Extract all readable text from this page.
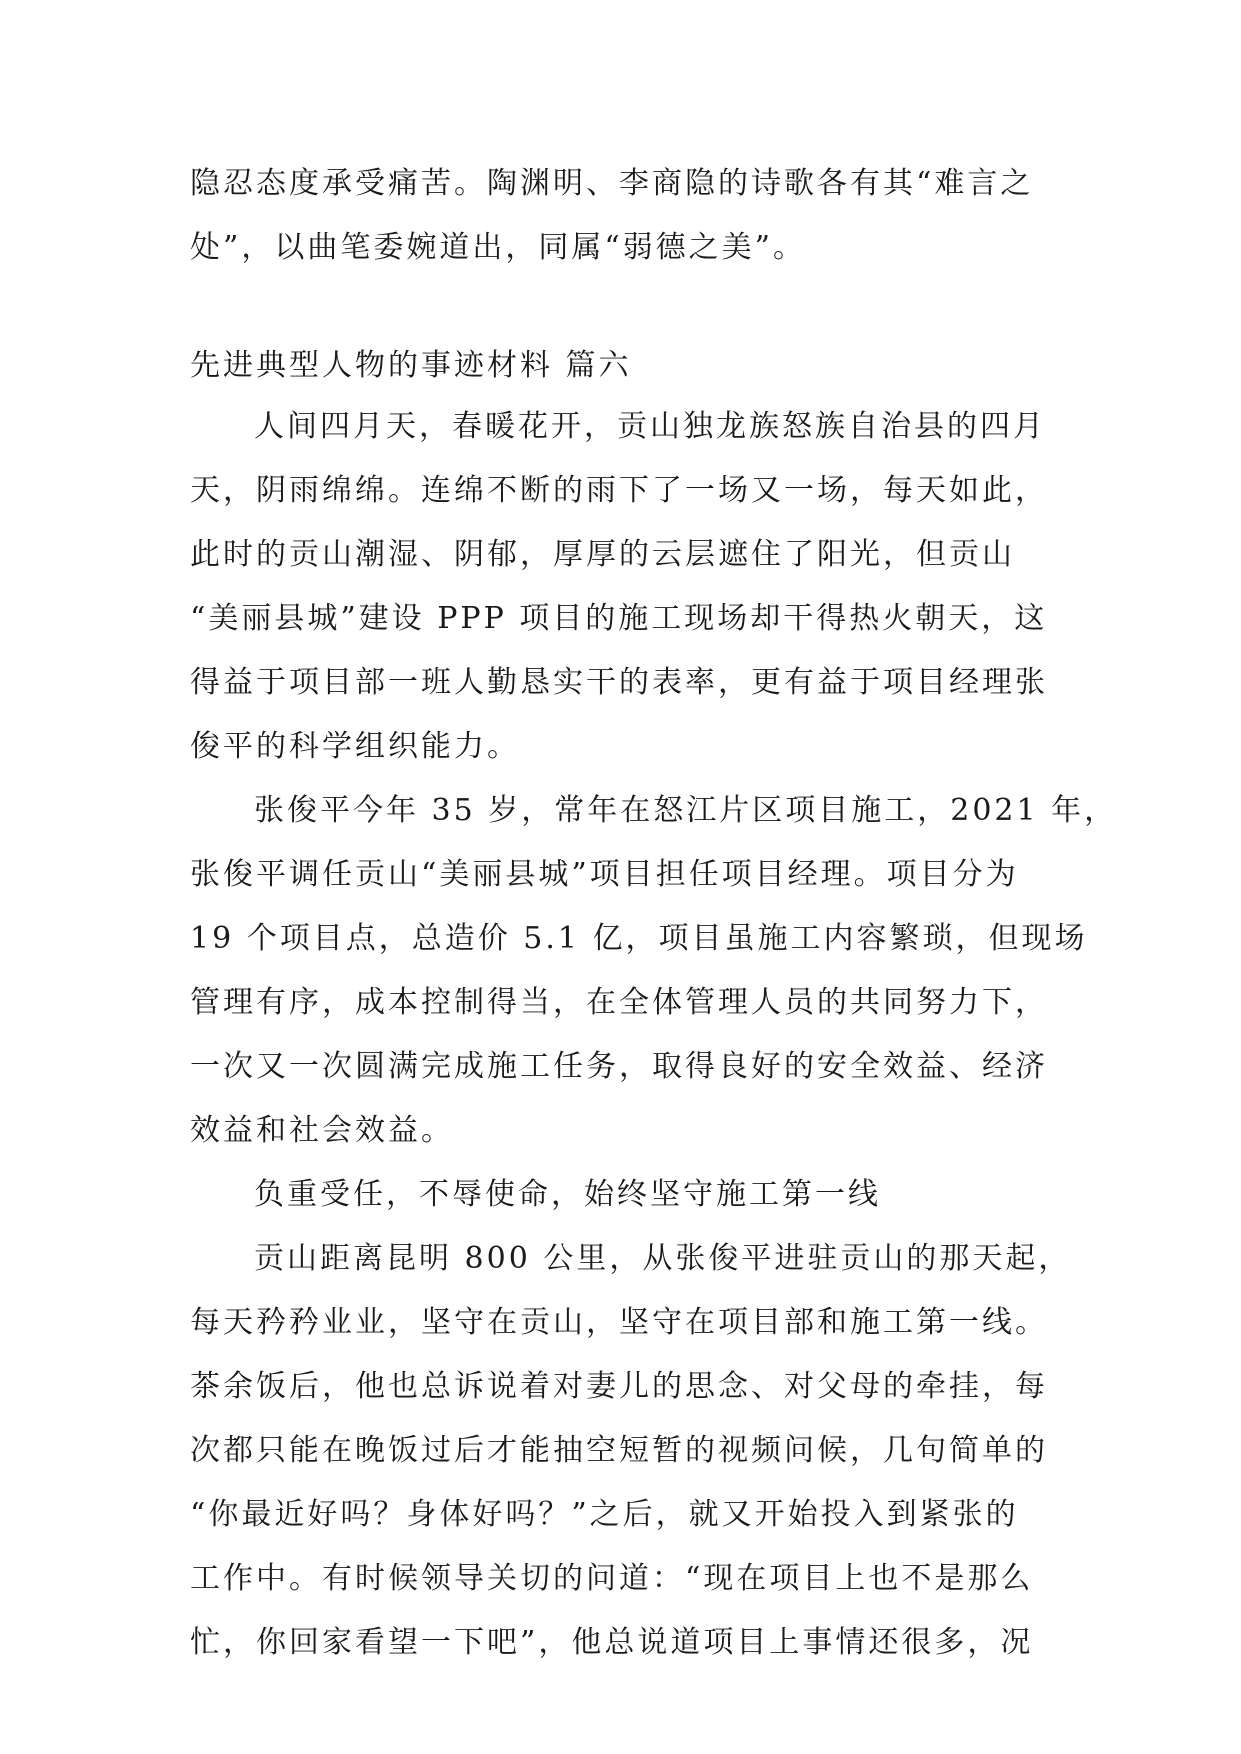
隐忍态度承受痛苦。陶渊明、李商隐的诗歌各有其“难言之
处”，以曲笔委婉道出，同属“弱德之美”。
先进典型人物的事迹材料 篇六
人间四月天，春暖花开，贡山独龙族怒族自治县的四月
天，阴雨绵绵。连绵不断的雨下了一场又一场，每天如此，
此时的贡山潮湿、阴郁，厚厚的云层遮住了阳光，但贡山
“美丽县城”建设 PPP 项目的施工现场却干得热火朝天，这
得益于项目部一班人勤恳实干的表率，更有益于项目经理张
俊平的科学组织能力。
张俊平今年 35 岁，常年在怒江片区项目施工，2021 年，
张俊平调任贡山“美丽县城”项目担任项目经理。项目分为
19 个项目点，总造价 5.1 亿，项目虽施工内容繁琐，但现场
管理有序，成本控制得当，在全体管理人员的共同努力下，
一次又一次圆满完成施工任务，取得良好的安全效益、经济
效益和社会效益。
负重受任，不辱使命，始终坚守施工第一线
贡山距离昆明 800 公里，从张俊平进驻贡山的那天起，
每天矜矜业业，坚守在贡山，坚守在项目部和施工第一线。
茶余饭后，他也总诉说着对妻儿的思念、对父母的牵挂，每
次都只能在晚饭过后才能抽空短暂的视频问候，几句简单的
“你最近好吗？身体好吗？”之后，就又开始投入到紧张的
工作中。有时候领导关切的问道：“现在项目上也不是那么
忙，你回家看望一下吧”，他总说道项目上事情还很多，况
